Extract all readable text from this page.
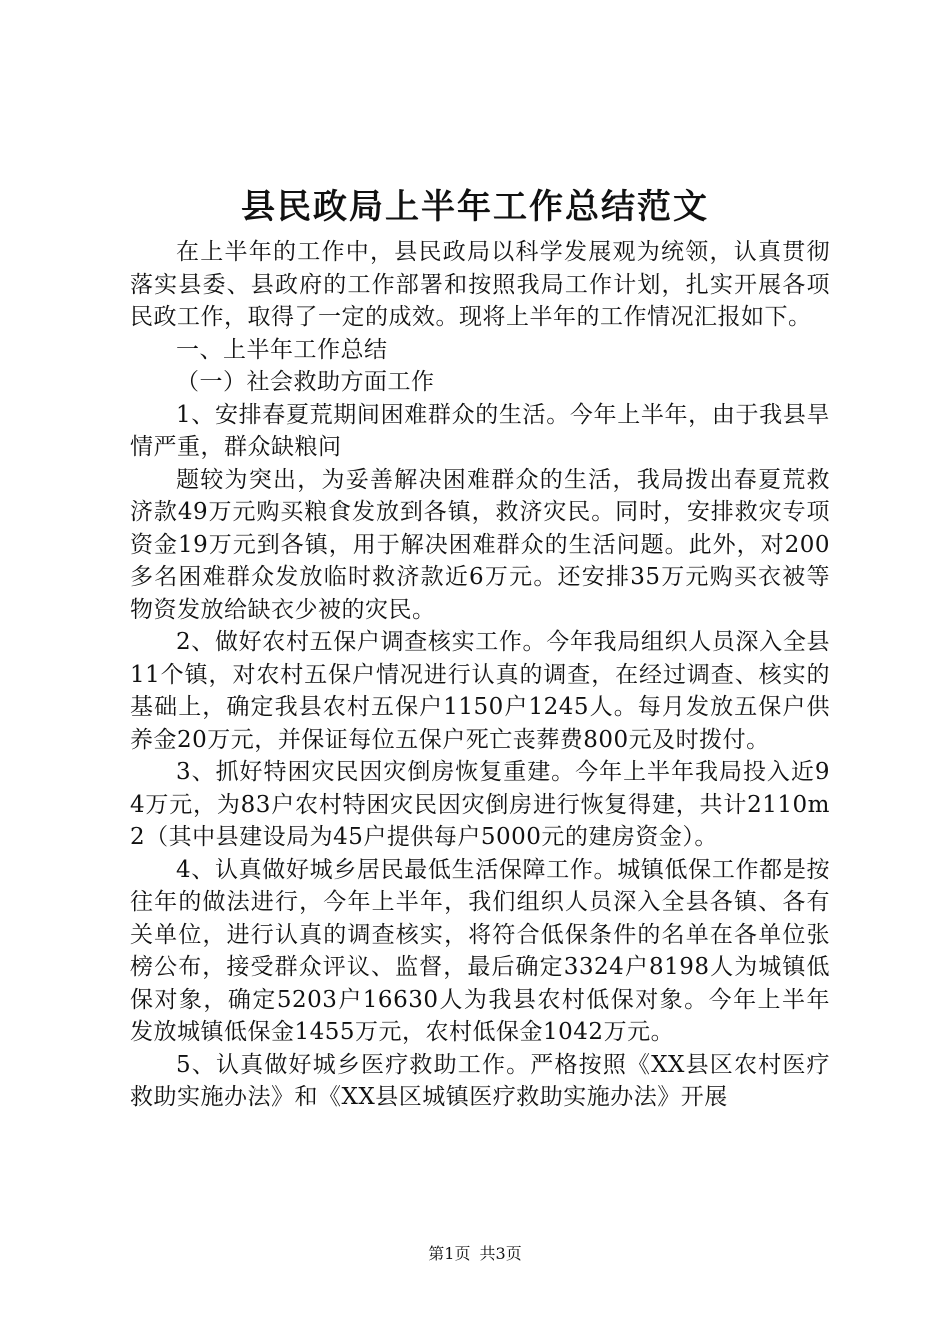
县民政局上半年工作总结范文

在上半年的工作中，县民政局以科学发展观为统领，认真贯彻落实县委、县政府的工作部署和按照我局工作计划，扎实开展各项民政工作，取得了一定的成效。现将上半年的工作情况汇报如下。

一、上半年工作总结

（一）社会救助方面工作

1、安排春夏荒期间困难群众的生活。今年上半年，由于我县旱情严重，群众缺粮问

题较为突出，为妥善解决困难群众的生活，我局拨出春夏荒救济款49万元购买粮食发放到各镇，救济灾民。同时，安排救灾专项资金19万元到各镇，用于解决困难群众的生活问题。此外，对200多名困难群众发放临时救济款近6万元。还安排35万元购买衣被等物资发放给缺衣少被的灾民。

2、做好农村五保户调查核实工作。今年我局组织人员深入全县11个镇，对农村五保户情况进行认真的调查，在经过调查、核实的基础上，确定我县农村五保户1150户1245人。每月发放五保户供养金20万元，并保证每位五保户死亡丧葬费800元及时拨付。

3、抓好特困灾民因灾倒房恢复重建。今年上半年我局投入近94万元，为83户农村特困灾民因灾倒房进行恢复得建，共计2110m2（其中县建设局为45户提供每户5000元的建房资金）。

4、认真做好城乡居民最低生活保障工作。城镇低保工作都是按往年的做法进行，今年上半年，我们组织人员深入全县各镇、各有关单位，进行认真的调查核实，将符合低保条件的名单在各单位张榜公布，接受群众评议、监督，最后确定3324户8198人为城镇低保对象，确定5203户16630人为我县农村低保对象。今年上半年发放城镇低保金1455万元，农村低保金1042万元。

5、认真做好城乡医疗救助工作。严格按照《XX县区农村医疗救助实施办法》和《XX县区城镇医疗救助实施办法》开展

第1页 共3页
